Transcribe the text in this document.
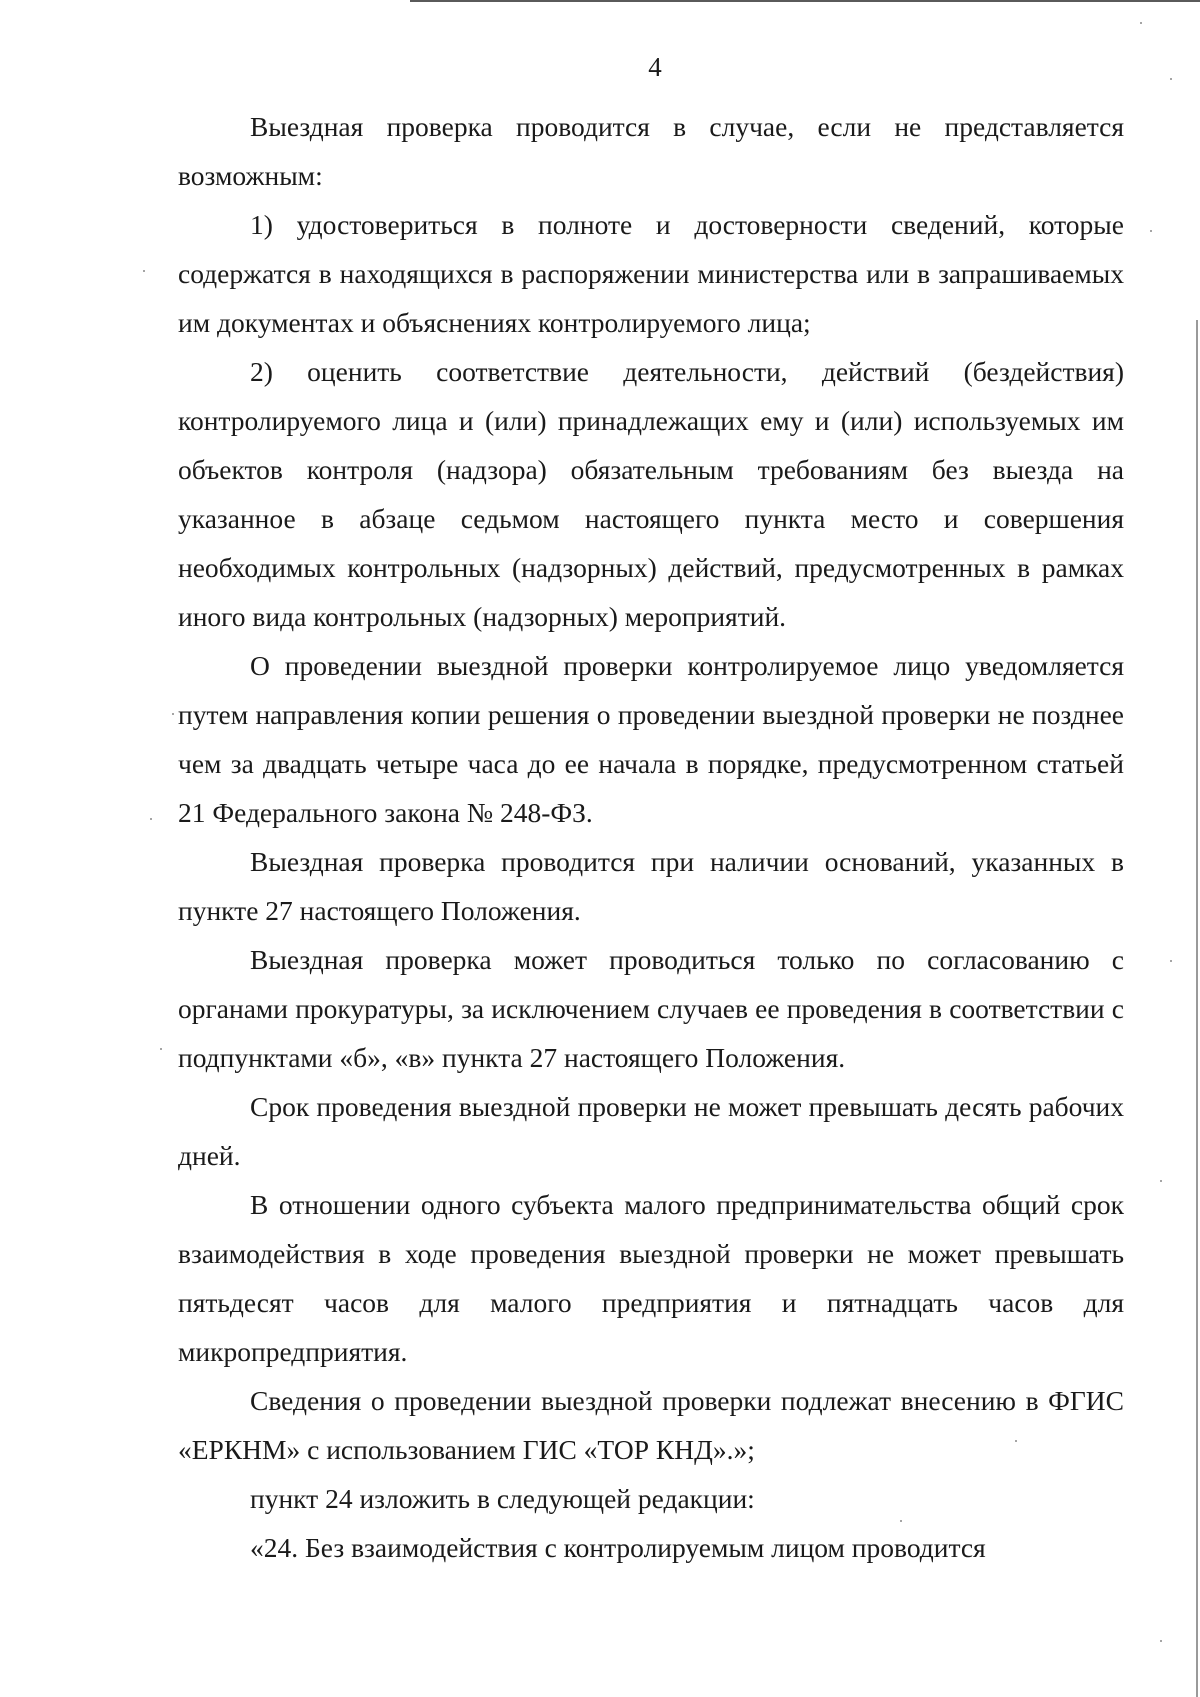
4

Выездная проверка проводится в случае, если не представляется возможным:

1) удостовериться в полноте и достоверности сведений, которые содержатся в находящихся в распоряжении министерства или в запрашиваемых им документах и объяснениях контролируемого лица;

2) оценить соответствие деятельности, действий (бездействия) контролируемого лица и (или) принадлежащих ему и (или) используемых им объектов контроля (надзора) обязательным требованиям без выезда на указанное в абзаце седьмом настоящего пункта место и совершения необходимых контрольных (надзорных) действий, предусмотренных в рамках иного вида контрольных (надзорных) мероприятий.

О проведении выездной проверки контролируемое лицо уведомляется путем направления копии решения о проведении выездной проверки не позднее чем за двадцать четыре часа до ее начала в порядке, предусмотренном статьей 21 Федерального закона № 248-ФЗ.

Выездная проверка проводится при наличии оснований, указанных в пункте 27 настоящего Положения.

Выездная проверка может проводиться только по согласованию с органами прокуратуры, за исключением случаев ее проведения в соответствии с подпунктами «б», «в» пункта 27 настоящего Положения.

Срок проведения выездной проверки не может превышать десять рабочих дней.

В отношении одного субъекта малого предпринимательства общий срок взаимодействия в ходе проведения выездной проверки не может превышать пятьдесят часов для малого предприятия и пятнадцать часов для микропредприятия.

Сведения о проведении выездной проверки подлежат внесению в ФГИС «ЕРКНМ» с использованием ГИС «ТОР КНД».»;

пункт 24 изложить в следующей редакции:

«24. Без взаимодействия с контролируемым лицом проводится
